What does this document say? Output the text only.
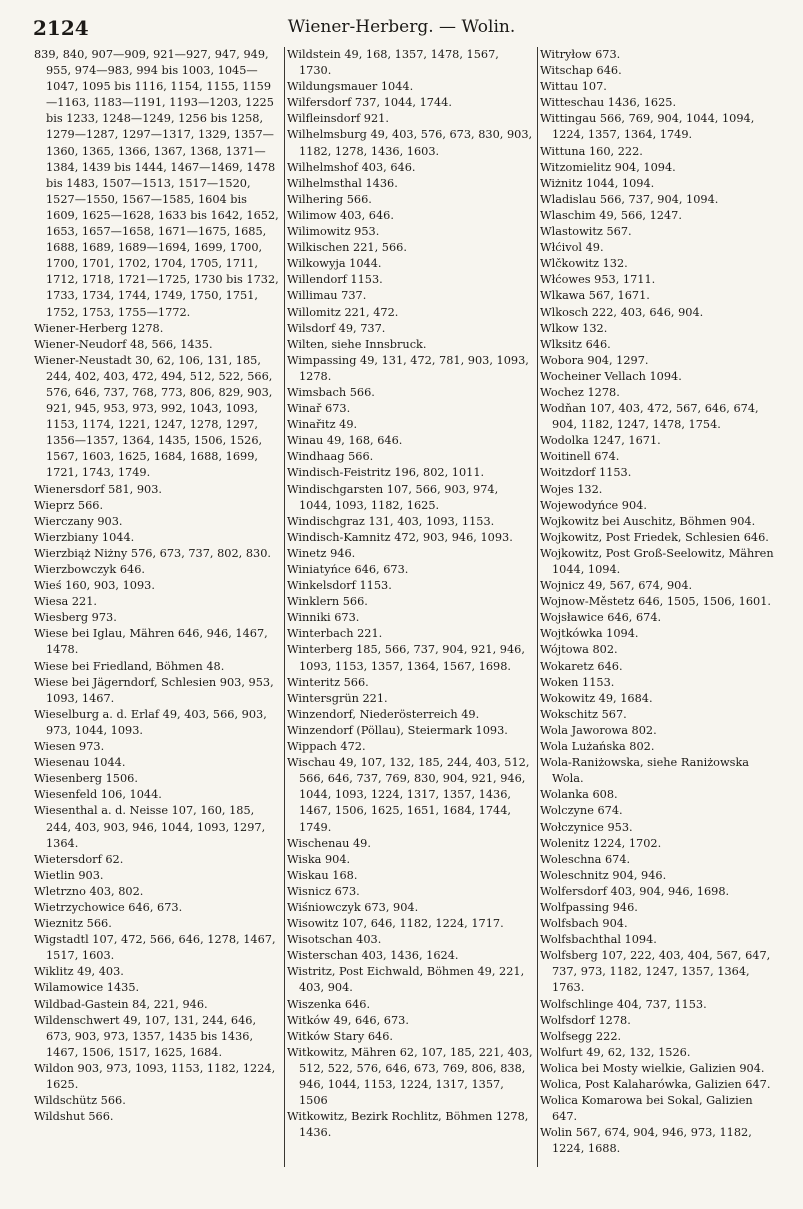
2124	Wiener-Herberg. — Wolin.
839, 840, 907—909, 921—927, 947, 949, 955, 974—983, 994 bis 1003, 1045—1047, 1095 bis 1116, 1154, 1155, 1159—1163, 1183—1191, 1193—1203, 1225 bis 1233, 1248—1249, 1256 bis 1258, 1279—1287, 1297—1317, 1329, 1357—1360, 1365, 1366, 1367, 1368, 1371—1384, 1439 bis 1444, 1467—1469, 1478 bis 1483, 1507—1513, 1517—1520, 1527—1550, 1567—1585, 1604 bis 1609, 1625—1628, 1633 bis 1642, 1652, 1653, 1657—1658, 1671—1675, 1685, 1688, 1689, 1689—1694, 1699, 1700, 1700, 1701, 1702, 1704, 1705, 1711, 1712, 1718, 1721—1725, 1730 bis 1732, 1733, 1734, 1744, 1749, 1750, 1751, 1752, 1753, 1755—1772.
Wiener-Herberg 1278.
Wiener-Neudorf 48, 566, 1435.
Wiener-Neustadt 30, 62, 106, 131, 185, 244, 402, 403, 472, 494, 512, 522, 566, 576, 646, 737, 768, 773, 806, 829, 903, 921, 945, 953, 973, 992, 1043, 1093, 1153, 1174, 1221, 1247, 1278, 1297, 1356—1357, 1364, 1435, 1506, 1526, 1567, 1603, 1625, 1684, 1688, 1699, 1721, 1743, 1749.
Wienersdorf 581, 903.
Wieprz 566.
Wierczany 903.
Wierzbiany 1044.
Wierzbiąż Niżny 576, 673, 737, 802, 830.
Wierzbowczyk 646.
Wieś 160, 903, 1093.
Wiesa 221.
Wiesberg 973.
Wiese bei Iglau, Mähren 646, 946, 1467, 1478.
Wiese bei Friedland, Böhmen 48.
Wiese bei Jägerndorf, Schlesien 903, 953, 1093, 1467.
Wieselburg a. d. Erlaf 49, 403, 566, 903, 973, 1044, 1093.
Wiesen 973.
Wiesenau 1044.
Wiesenberg 1506.
Wiesenfeld 106, 1044.
Wiesenthal a. d. Neisse 107, 160, 185, 244, 403, 903, 946, 1044, 1093, 1297, 1364.
Wietersdorf 62.
Wietlin 903.
Wletrzno 403, 802.
Wietrzychowice 646, 673.
Wieznitz 566.
Wigstadtl 107, 472, 566, 646, 1278, 1467, 1517, 1603.
Wiklitz 49, 403.
Wilamowice 1435.
Wildbad-Gastein 84, 221, 946.
Wildenschwert 49, 107, 131, 244, 646, 673, 903, 973, 1357, 1435 bis 1436, 1467, 1506, 1517, 1625, 1684.
Wildon 903, 973, 1093, 1153, 1182, 1224, 1625.
Wildschütz 566.
Wildshut 566.
Wildstein 49, 168, 1357, 1478, 1567, 1730.
Wildungsmauer 1044.
Wilfersdorf 737, 1044, 1744.
Wilfleinsdorf 921.
Wilhelmsburg 49, 403, 576, 673, 830, 903, 1182, 1278, 1436, 1603.
Wilhelmshof 403, 646.
Wilhelmsthal 1436.
Wilhering 566.
Wilimow 403, 646.
Wilimowitz 953.
Wilkischen 221, 566.
Wilkowyja 1044.
Willendorf 1153.
Willimau 737.
Willomitz 221, 472.
Wilsdorf 49, 737.
Wilten, siehe Innsbruck.
Wimpassing 49, 131, 472, 781, 903, 1093, 1278.
Wimsbach 566.
Winař 673.
Winařitz 49.
Winau 49, 168, 646.
Windhaag 566.
Windisch-Feistritz 196, 802, 1011.
Windischgarsten 107, 566, 903, 974, 1044, 1093, 1182, 1625.
Windischgraz 131, 403, 1093, 1153.
Windisch-Kamnitz 472, 903, 946, 1093.
Winetz 946.
Winiatyńce 646, 673.
Winkelsdorf 1153.
Winklern 566.
Winniki 673.
Winterbach 221.
Winterberg 185, 566, 737, 904, 921, 946, 1093, 1153, 1357, 1364, 1567, 1698.
Winteritz 566.
Wintersgrün 221.
Winzendorf, Niederösterreich 49.
Winzendorf (Pöllau), Steiermark 1093.
Wippach 472.
Wischau 49, 107, 132, 185, 244, 403, 512, 566, 646, 737, 769, 830, 904, 921, 946, 1044, 1093, 1224, 1317, 1357, 1436, 1467, 1506, 1625, 1651, 1684, 1744, 1749.
Wischenau 49.
Wiska 904.
Wiskau 168.
Wisnicz 673.
Wiśniowczyk 673, 904.
Wisowitz 107, 646, 1182, 1224, 1717.
Wisotschan 403.
Wisterschan 403, 1436, 1624.
Wistritz, Post Eichwald, Böhmen 49, 221, 403, 904.
Wiszenka 646.
Witków 49, 646, 673.
Witków Stary 646.
Witkowitz, Mähren 62, 107, 185, 221, 403, 512, 522, 576, 646, 673, 769, 806, 838, 946, 1044, 1153, 1224, 1317, 1357, 1506
Witkowitz, Bezirk Rochlitz, Böhmen 1278, 1436.
Witryłow 673.
Witschap 646.
Wittau 107.
Witteschau 1436, 1625.
Wittingau 566, 769, 904, 1044, 1094, 1224, 1357, 1364, 1749.
Wittuna 160, 222.
Witzomielitz 904, 1094.
Wiżnitz 1044, 1094.
Wladislau 566, 737, 904, 1094.
Wlaschim 49, 566, 1247.
Wlastowitz 567.
Włćivol 49.
Wlčkowitz 132.
Włćowes 953, 1711.
Wlkawa 567, 1671.
Wlkosch 222, 403, 646, 904.
Wlkow 132.
Wlksitz 646.
Wobora 904, 1297.
Wocheiner Vellach 1094.
Wochez 1278.
Wodňan 107, 403, 472, 567, 646, 674, 904, 1182, 1247, 1478, 1754.
Wodolka 1247, 1671.
Woitinell 674.
Woitzdorf 1153.
Wojes 132.
Wojewodyńce 904.
Wojkowitz bei Auschitz, Böhmen 904.
Wojkowitz, Post Friedek, Schlesien 646.
Wojkowitz, Post Groß-Seelowitz, Mähren 1044, 1094.
Wojnicz 49, 567, 674, 904.
Wojnow-Městetz 646, 1505, 1506, 1601.
Wojsławice 646, 674.
Wojtkówka 1094.
Wójtowa 802.
Wokaretz 646.
Woken 1153.
Wokowitz 49, 1684.
Wokschitz 567.
Wola Jaworowa 802.
Wola Lużańska 802.
Wola-Raniżowska, siehe Raniżowska Wola.
Wolanka 608.
Wolczyne 674.
Wołczynice 953.
Wolenitz 1224, 1702.
Woleschna 674.
Woleschnitz 904, 946.
Wolfersdorf 403, 904, 946, 1698.
Wolfpassing 946.
Wolfsbach 904.
Wolfsbachthal 1094.
Wolfsberg 107, 222, 403, 404, 567, 647, 737, 973, 1182, 1247, 1357, 1364, 1763.
Wolfschlinge 404, 737, 1153.
Wolfsdorf 1278.
Wolfsegg 222.
Wolfurt 49, 62, 132, 1526.
Wolica bei Mosty wielkie, Galizien 904.
Wolica, Post Kalaharówka, Galizien 647.
Wolica Komarowa bei Sokal, Galizien 647.
Wolin 567, 674, 904, 946, 973, 1182, 1224, 1688.
